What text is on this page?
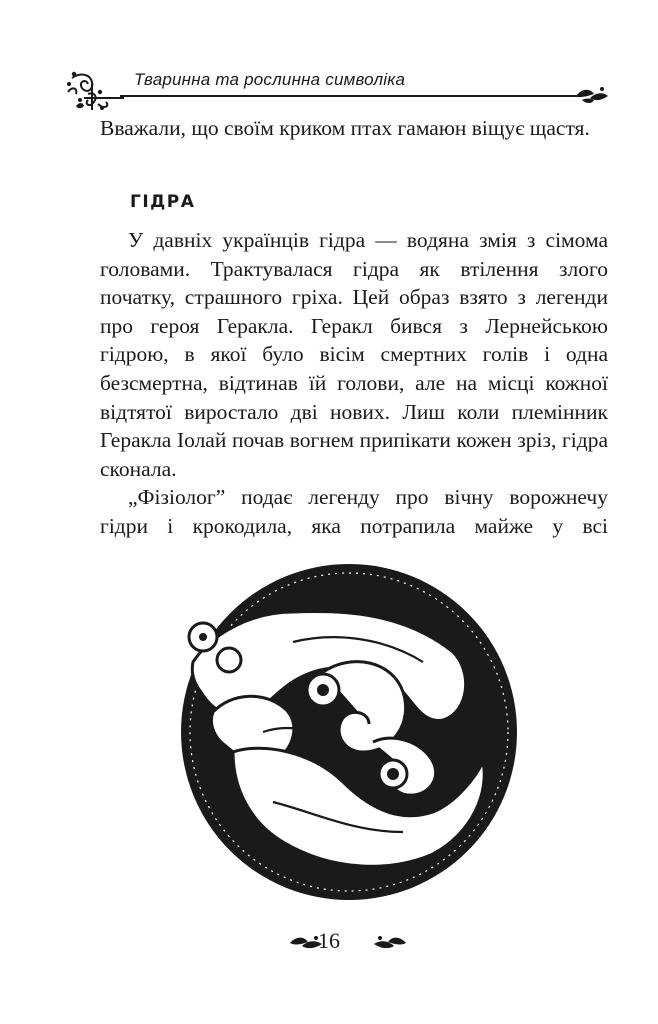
Тваринна та рослинна символіка

Вважали, що своїм криком птах гамаюн віщує щастя.

ГІДРА

У давніх українців гідра — водяна змія з сімома головами. Трактувалася гідра як втілення злого початку, страшного гріха. Цей образ взято з легенди про героя Геракла. Геракл бився з Лернейською гідрою, в якої було вісім смертних голів і одна безсмертна, відтинав їй голови, але на місці кожної відтятої виростало дві нових. Лиш коли племінник Геракла Іолай почав вогнем припікати кожен зріз, гідра сконала.

„Фізіолог” подає легенду про вічну ворожнечу гідри і крокодила, яка потрапила майже у всі

16
